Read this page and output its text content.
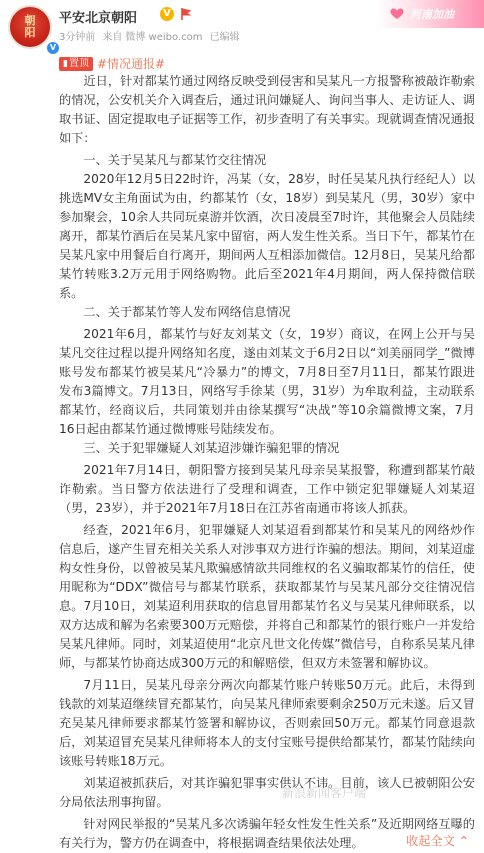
朝
阳
V
平安北京朝阳	V
3分钟前 来自 微博 weibo.com 已编辑
河南加油
▮置顶 #情况通报#

近日，针对都某竹通过网络反映受到侵害和吴某凡一方报警称被敲诈勒索的情况，公安机关介入调查后，通过讯问嫌疑人、询问当事人、走访证人、调取书证、固定提取电子证据等工作，初步查明了有关事实。现就调查情况通报如下：

一、关于吴某凡与都某竹交往情况

2020年12月5日22时许，冯某（女，28岁，时任吴某凡执行经纪人）以挑选MV女主角面试为由，约都某竹（女，18岁）到吴某凡（男，30岁）家中参加聚会，10余人共同玩桌游并饮酒，次日凌晨至7时许，其他聚会人员陆续离开，都某竹酒后在吴某凡家中留宿，两人发生性关系。当日下午，都某竹在吴某凡家中用餐后自行离开，期间两人互相添加微信。12月8日，吴某凡给都某竹转账3.2万元用于网络购物。此后至2021年4月期间，两人保持微信联系。

二、关于都某竹等人发布网络信息情况

2021年6月，都某竹与好友刘某文（女，19岁）商议，在网上公开与吴某凡交往过程以提升网络知名度，遂由刘某文于6月2日以“刘美丽同学_”微博账号发布都某竹被吴某凡“冷暴力”的博文，7月8日至7月11日，都某竹跟进发布3篇博文。7月13日，网络写手徐某（男，31岁）为牟取利益，主动联系都某竹，经商议后，共同策划并由徐某撰写“决战”等10余篇微博文案，7月16日起由都某竹通过微博账号陆续发布。

三、关于犯罪嫌疑人刘某迢涉嫌诈骗犯罪的情况

2021年7月14日，朝阳警方接到吴某凡母亲吴某报警，称遭到都某竹敲诈勒索。当日警方依法进行了受理和调查，工作中锁定犯罪嫌疑人刘某迢（男，23岁），并于2021年7月18日在江苏省南通市将该人抓获。

经查，2021年6月，犯罪嫌疑人刘某迢看到都某竹和吴某凡的网络炒作信息后，遂产生冒充相关关系人对涉事双方进行诈骗的想法。期间，刘某迢虚构女性身份，以曾被吴某凡欺骗感情欲共同维权的名义骗取都某竹的信任，使用昵称为“DDX”微信号与都某竹联系，获取都某竹与吴某凡部分交往情况信息。7月10日，刘某迢利用获取的信息冒用都某竹名义与吴某凡律师联系，以双方达成和解为名索要300万元赔偿，并将自己和都某竹的银行账户一并发给吴某凡律师。同时，刘某迢使用“北京凡世文化传媒”微信号，自称系吴某凡律师，与都某竹协商达成300万元的和解赔偿，但双方未签署和解协议。

7月11日，吴某凡母亲分两次向都某竹账户转账50万元。此后，未得到钱款的刘某迢继续冒充都某竹，向吴某凡律师索要剩余250万元未遂。后又冒充吴某凡律师要求都某竹签署和解协议，否则索回50万元。都某竹同意退款后，刘某迢冒充吴某凡律师将本人的支付宝账号提供给都某竹，都某竹陆续向该账号转账18万元。

刘某迢被抓获后，对其诈骗犯罪事实供认不讳。目前，该人已被朝阳公安分局依法刑事拘留。

针对网民举报的“吴某凡多次诱骗年轻女性发生性关系”及近期网络互曝的有关行为，警方仍在调查中，将根据调查结果依法处理。	收起全文 ⌃
新浪新闻客户端
